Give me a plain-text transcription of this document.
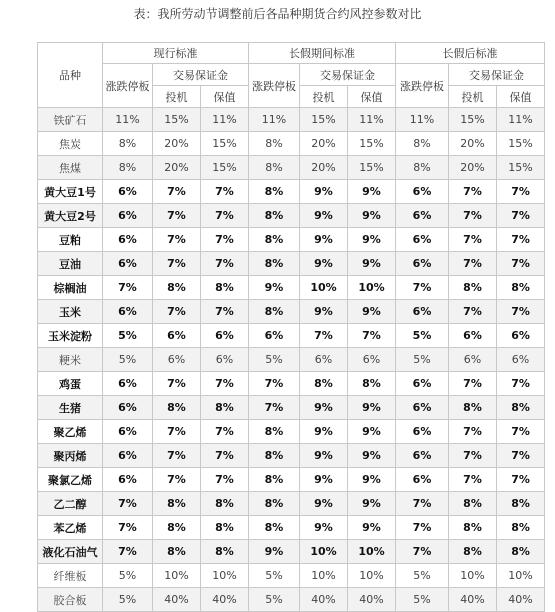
表：我所劳动节调整前后各品种期货合约风控参数对比
品种	现行标准			长假期间标准			长假后标准		
	涨跌停板	交易保证金		涨跌停板	交易保证金		涨跌停板	交易保证金	
		投机	保值		投机	保值		投机	保值
铁矿石	11%	15%	11%	11%	15%	11%	11%	15%	11%
焦炭	8%	20%	15%	8%	20%	15%	8%	20%	15%
焦煤	8%	20%	15%	8%	20%	15%	8%	20%	15%
黄大豆1号	6%	7%	7%	8%	9%	9%	6%	7%	7%
黄大豆2号	6%	7%	7%	8%	9%	9%	6%	7%	7%
豆粕	6%	7%	7%	8%	9%	9%	6%	7%	7%
豆油	6%	7%	7%	8%	9%	9%	6%	7%	7%
棕榈油	7%	8%	8%	9%	10%	10%	7%	8%	8%
玉米	6%	7%	7%	8%	9%	9%	6%	7%	7%
玉米淀粉	5%	6%	6%	6%	7%	7%	5%	6%	6%
粳米	5%	6%	6%	5%	6%	6%	5%	6%	6%
鸡蛋	6%	7%	7%	7%	8%	8%	6%	7%	7%
生猪	6%	8%	8%	7%	9%	9%	6%	8%	8%
聚乙烯	6%	7%	7%	8%	9%	9%	6%	7%	7%
聚丙烯	6%	7%	7%	8%	9%	9%	6%	7%	7%
聚氯乙烯	6%	7%	7%	8%	9%	9%	6%	7%	7%
乙二醇	7%	8%	8%	8%	9%	9%	7%	8%	8%
苯乙烯	7%	8%	8%	8%	9%	9%	7%	8%	8%
液化石油气	7%	8%	8%	9%	10%	10%	7%	8%	8%
纤维板	5%	10%	10%	5%	10%	10%	5%	10%	10%
胶合板	5%	40%	40%	5%	40%	40%	5%	40%	40%
